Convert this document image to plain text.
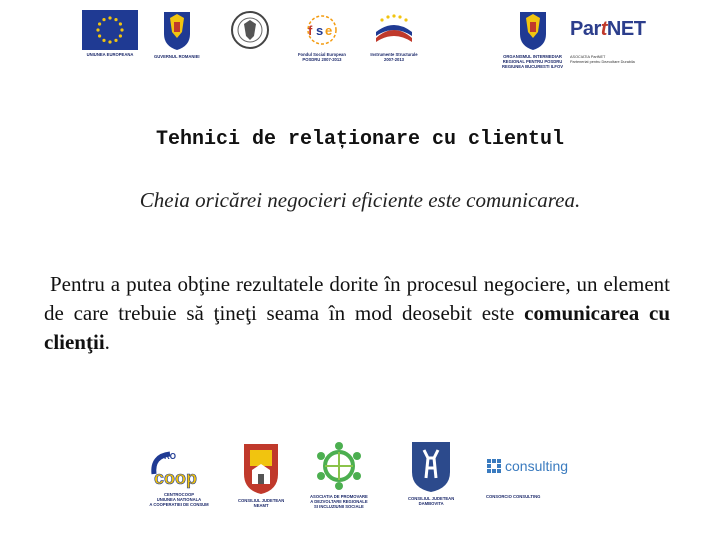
UNIUNEA EUROPEANA	GUVERNUL ROMANIEI
f s e
Fondul Social European
POSDRU 2007-2013
Instrumente Structurale
2007-2013
ORGANISMUL INTERMEDIAR
REGIONAL PENTRU POSDRU
REGIUNEA BUCURESTI ILFOV
PartNET
ASOCIATIA PartNET
Parteneriat pentru Dezvoltare Durabila
Tehnici de relaționare cu clientul
Cheia oricărei negocieri eficiente este comunicarea.
Pentru a putea obţine rezultatele dorite în procesul negociere, un element de care trebuie să ţineţi seama în mod deosebit este comunicarea cu clienţii.
RO
coop
CENTROCOOP
UNIUNEA NATIONALA
A COOPERATIEI DE CONSUM
CONSILIUL JUDETEAN
NEAMT
ASOCIATIA DE PROMOVARE
A DEZVOLTARII REGIONALE
SI INCLUZIUNII SOCIALE
CONSILIUL JUDETEAN
DAMBOVITA
consulting
CONSORCIO CONSULTING
